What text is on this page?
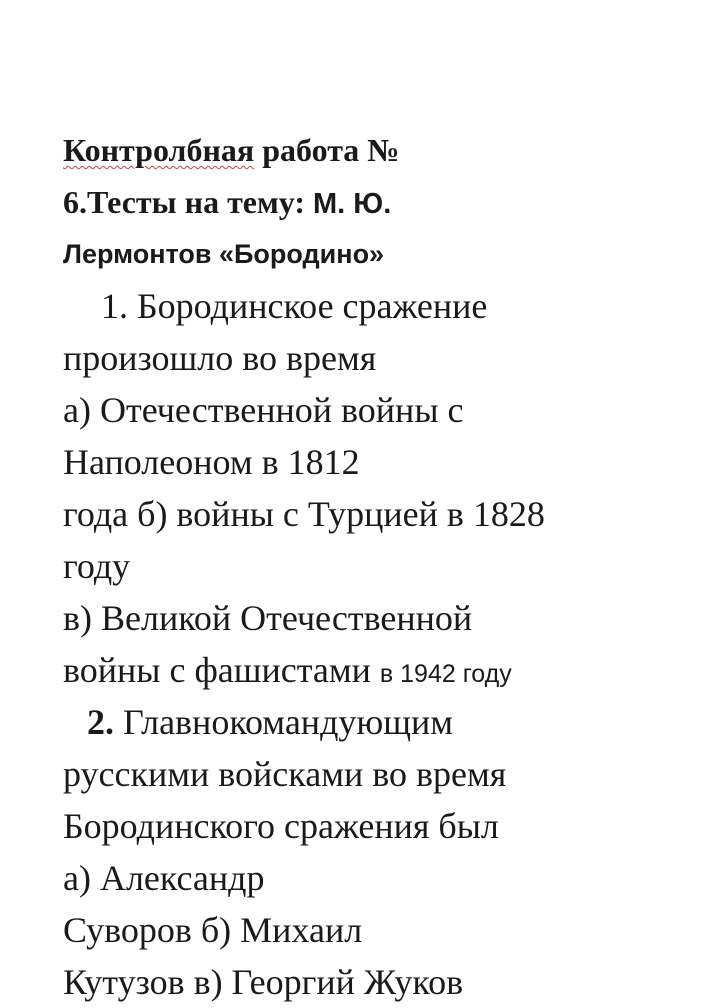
Контролбная работа №
6.Тесты на тему: М. Ю.
Лермонтов «Бородино»
1. Бородинское сражение
произошло во время
а) Отечественной войны с
Наполеоном в 1812
года б) войны с Турцией в 1828
году
в) Великой Отечественной
войны с фашистами в 1942 году
2. Главнокомандующим
русскими войсками во время
Бородинского сражения был
а) Александр
Суворов б) Михаил
Кутузов в) Георгий Жуков
